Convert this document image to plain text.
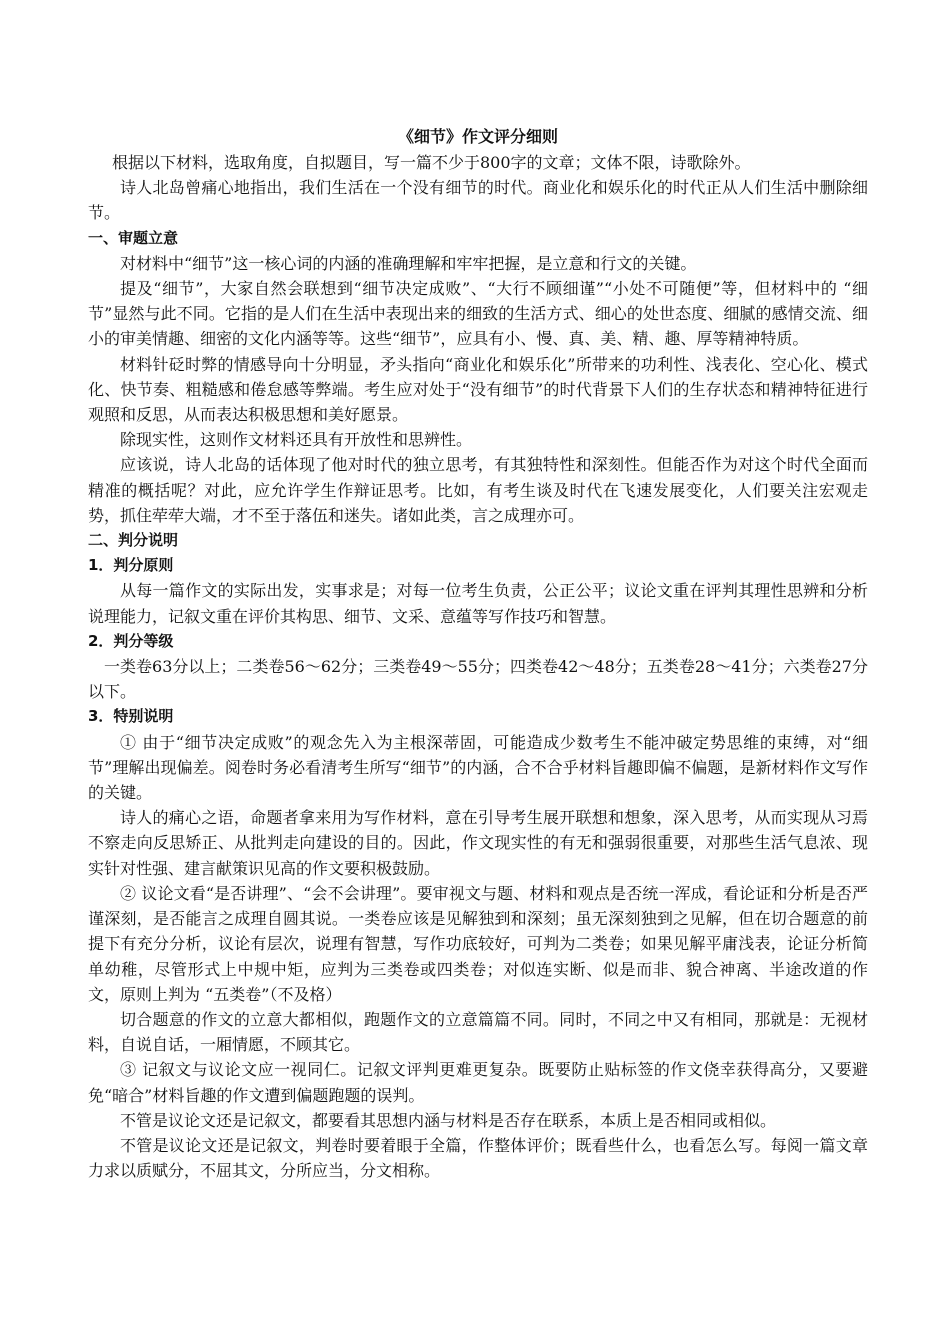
《细节》作文评分细则

根据以下材料，选取角度，自拟题目，写一篇不少于800字的文章；文体不限，诗歌除外。

诗人北岛曾痛心地指出，我们生活在一个没有细节的时代。商业化和娱乐化的时代正从人们生活中删除细节。

一、审题立意

对材料中“细节”这一核心词的内涵的准确理解和牢牢把握，是立意和行文的关键。

提及“细节”，大家自然会联想到“细节决定成败”、“大行不顾细谨”“小处不可随便”等，但材料中的 “细节”显然与此不同。它指的是人们在生活中表现出来的细致的生活方式、细心的处世态度、细腻的感情交流、细小的审美情趣、细密的文化内涵等等。这些“细节”，应具有小、慢、真、美、精、趣、厚等精神特质。

材料针砭时弊的情感导向十分明显，矛头指向“商业化和娱乐化”所带来的功利性、浅表化、空心化、模式化、快节奏、粗糙感和倦怠感等弊端。考生应对处于“没有细节”的时代背景下人们的生存状态和精神特征进行观照和反思，从而表达积极思想和美好愿景。

除现实性，这则作文材料还具有开放性和思辨性。

应该说，诗人北岛的话体现了他对时代的独立思考，有其独特性和深刻性。但能否作为对这个时代全面而精准的概括呢？对此，应允许学生作辩证思考。比如，有考生谈及时代在飞速发展变化，人们要关注宏观走势，抓住荦荦大端，才不至于落伍和迷失。诸如此类，言之成理亦可。

二、判分说明
1．判分原则

从每一篇作文的实际出发，实事求是；对每一位考生负责，公正公平；议论文重在评判其理性思辨和分析说理能力，记叙文重在评价其构思、细节、文采、意蕴等写作技巧和智慧。

2．判分等级

一类卷63分以上；二类卷56～62分；三类卷49～55分；四类卷42～48分；五类卷28～41分；六类卷27分以下。

3．特别说明

① 由于“细节决定成败”的观念先入为主根深蒂固，可能造成少数考生不能冲破定势思维的束缚，对“细节”理解出现偏差。阅卷时务必看清考生所写“细节”的内涵，合不合乎材料旨趣即偏不偏题，是新材料作文写作的关键。

诗人的痛心之语，命题者拿来用为写作材料，意在引导考生展开联想和想象，深入思考，从而实现从习焉不察走向反思矫正、从批判走向建设的目的。因此，作文现实性的有无和强弱很重要，对那些生活气息浓、现实针对性强、建言献策识见高的作文要积极鼓励。

② 议论文看“是否讲理”、“会不会讲理”。要审视文与题、材料和观点是否统一浑成，看论证和分析是否严谨深刻，是否能言之成理自圆其说。一类卷应该是见解独到和深刻；虽无深刻独到之见解，但在切合题意的前提下有充分分析，议论有层次，说理有智慧，写作功底较好，可判为二类卷；如果见解平庸浅表，论证分析简单幼稚，尽管形式上中规中矩，应判为三类卷或四类卷；对似连实断、似是而非、貌合神离、半途改道的作文，原则上判为 “五类卷”（不及格）

切合题意的作文的立意大都相似，跑题作文的立意篇篇不同。同时，不同之中又有相同，那就是：无视材料，自说自话，一厢情愿，不顾其它。

③ 记叙文与议论文应一视同仁。记叙文评判更难更复杂。既要防止贴标签的作文侥幸获得高分，又要避免“暗合”材料旨趣的作文遭到偏题跑题的误判。

不管是议论文还是记叙文，都要看其思想内涵与材料是否存在联系，本质上是否相同或相似。

不管是议论文还是记叙文，判卷时要着眼于全篇，作整体评价；既看些什么，也看怎么写。每阅一篇文章力求以质赋分，不屈其文，分所应当，分文相称。
